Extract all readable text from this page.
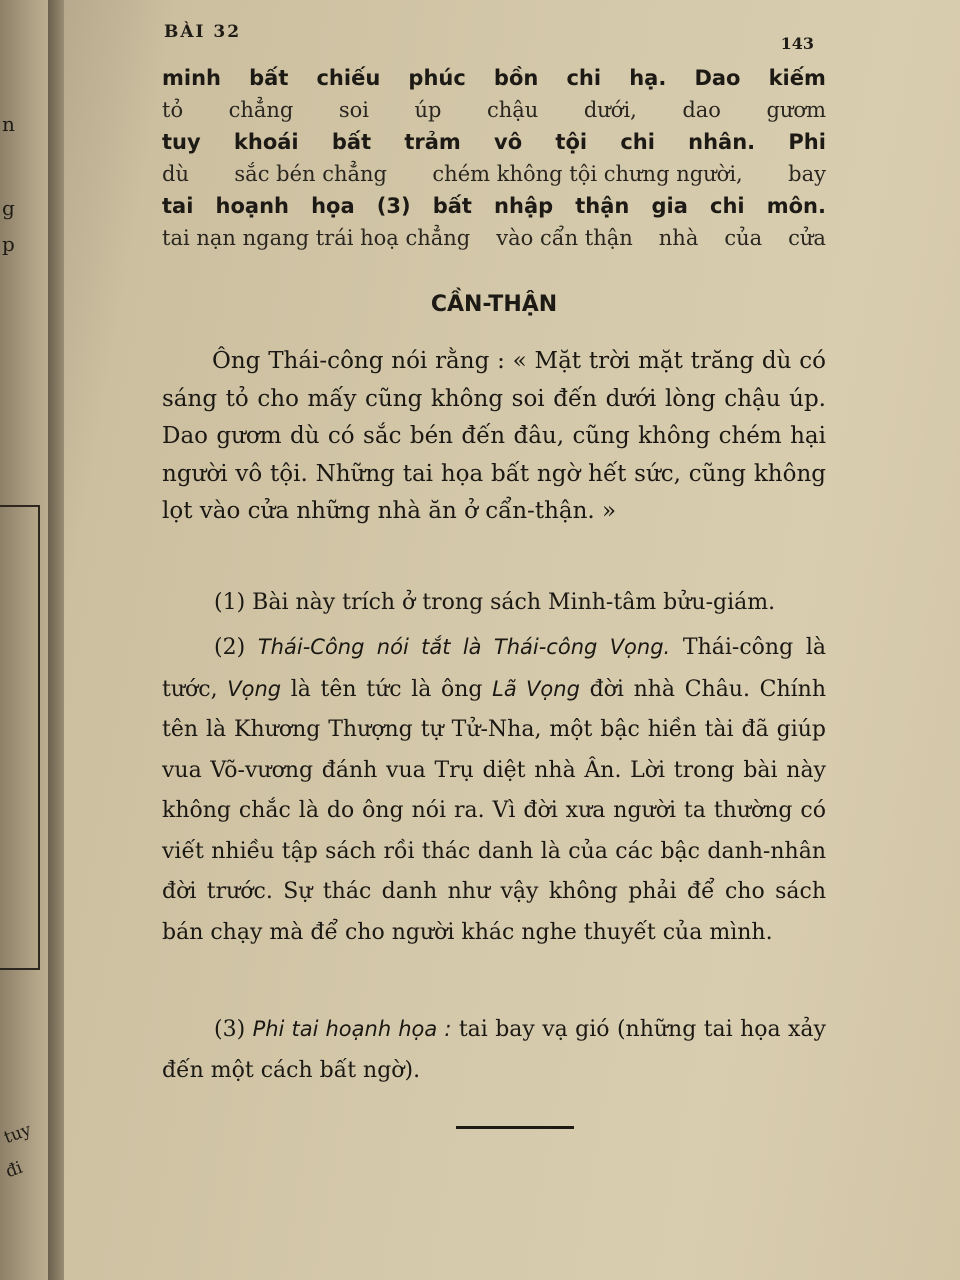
n
g
p
tuy
đi
BÀI 32
143
minh bất chiếu phúc bồn chi hạ. Dao kiếm
tỏ chẳng soi úp chậu dưới, dao gươm
tuy khoái bất trảm vô tội chi nhân. Phi
dù sắc bén chẳng chém không tội chưng người, bay
tai hoạnh họa (3) bất nhập thận gia chi môn.
tai nạn ngang trái hoạ chẳng vào cẩn thận nhà của cửa
CẦN-THẬN
Ông Thái-công nói rằng : « Mặt trời mặt trăng dù có sáng tỏ cho mấy cũng không soi đến dưới lòng chậu úp. Dao gươm dù có sắc bén đến đâu, cũng không chém hại người vô tội. Những tai họa bất ngờ hết sức, cũng không lọt vào cửa những nhà ăn ở cẩn-thận. »
(1) Bài này trích ở trong sách Minh-tâm bửu-giám.
(2) Thái-Công nói tắt là Thái-công Vọng. Thái-công là tước, Vọng là tên tức là ông Lã Vọng đời nhà Châu. Chính tên là Khương Thượng tự Tử-Nha, một bậc hiền tài đã giúp vua Võ-vương đánh vua Trụ diệt nhà Ân. Lời trong bài này không chắc là do ông nói ra. Vì đời xưa người ta thường có viết nhiều tập sách rồi thác danh là của các bậc danh-nhân đời trước. Sự thác danh như vậy không phải để cho sách bán chạy mà để cho người khác nghe thuyết của mình.
(3) Phi tai hoạnh họa : tai bay vạ gió (những tai họa xảy đến một cách bất ngờ).
